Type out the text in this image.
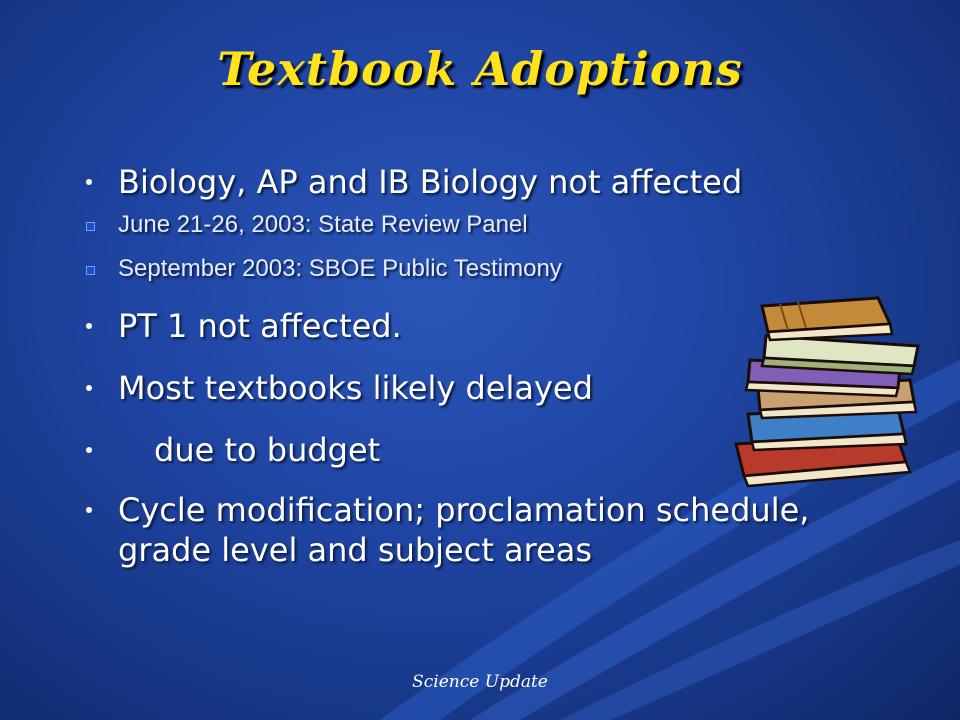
Textbook Adoptions
Biology, AP and IB Biology not affected
June 21-26, 2003: State Review Panel
September 2003: SBOE Public Testimony
PT 1 not affected.
Most textbooks likely delayed
due to budget
Cycle modification; proclamation schedule, grade level and subject areas
Science Update
